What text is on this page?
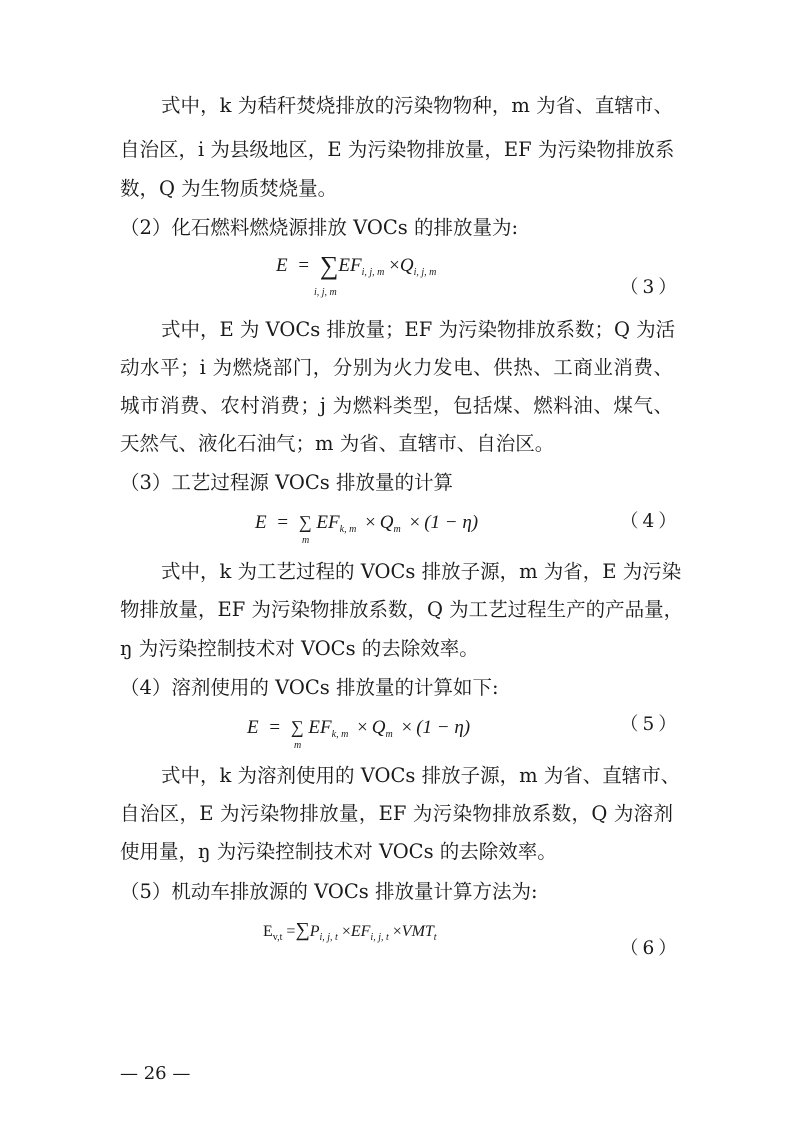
式中，k 为秸秆焚烧排放的污染物物种，m 为省、直辖市、
自治区，i 为县级地区，E 为污染物排放量，EF 为污染物排放系
数，Q 为生物质焚烧量。
（2）化石燃料燃烧源排放 VOCs 的排放量为:
$E = \sum EF_{i, j, m} \times Q_{i, j, m}$
i, j, m	（3）
式中，E 为 VOCs 排放量；EF 为污染物排放系数；Q 为活
动水平；i 为燃烧部门，分别为火力发电、供热、工商业消费、
城市消费、农村消费；j 为燃料类型，包括煤、燃料油、煤气、
天然气、液化石油气；m 为省、直辖市、自治区。
（3）工艺过程源 VOCs 排放量的计算
E = ∑ $EF_{k, m} \times Q_m \times (1 - \eta)$
m
（4）
式中，k 为工艺过程的 VOCs 排放子源，m 为省，E 为污染
物排放量，EF 为污染物排放系数，Q 为工艺过程生产的产品量，
ŋ 为污染控制技术对 VOCs 的去除效率。
（4）溶剂使用的 VOCs 排放量的计算如下:
E = ∑ $EF_{k, m} \times Q_m \times (1 - \eta)$
m
（5）
式中，k 为溶剂使用的 VOCs 排放子源，m 为省、直辖市、
自治区，E 为污染物排放量，EF 为污染物排放系数，Q 为溶剂
使用量，ŋ 为污染控制技术对 VOCs 的去除效率。
（5）机动车排放源的 VOCs 排放量计算方法为:
$E_{v,t} =\sum P_{i, j, t} \times EF_{i, j, t} \times VMT_t$
（6）
— 26 —
